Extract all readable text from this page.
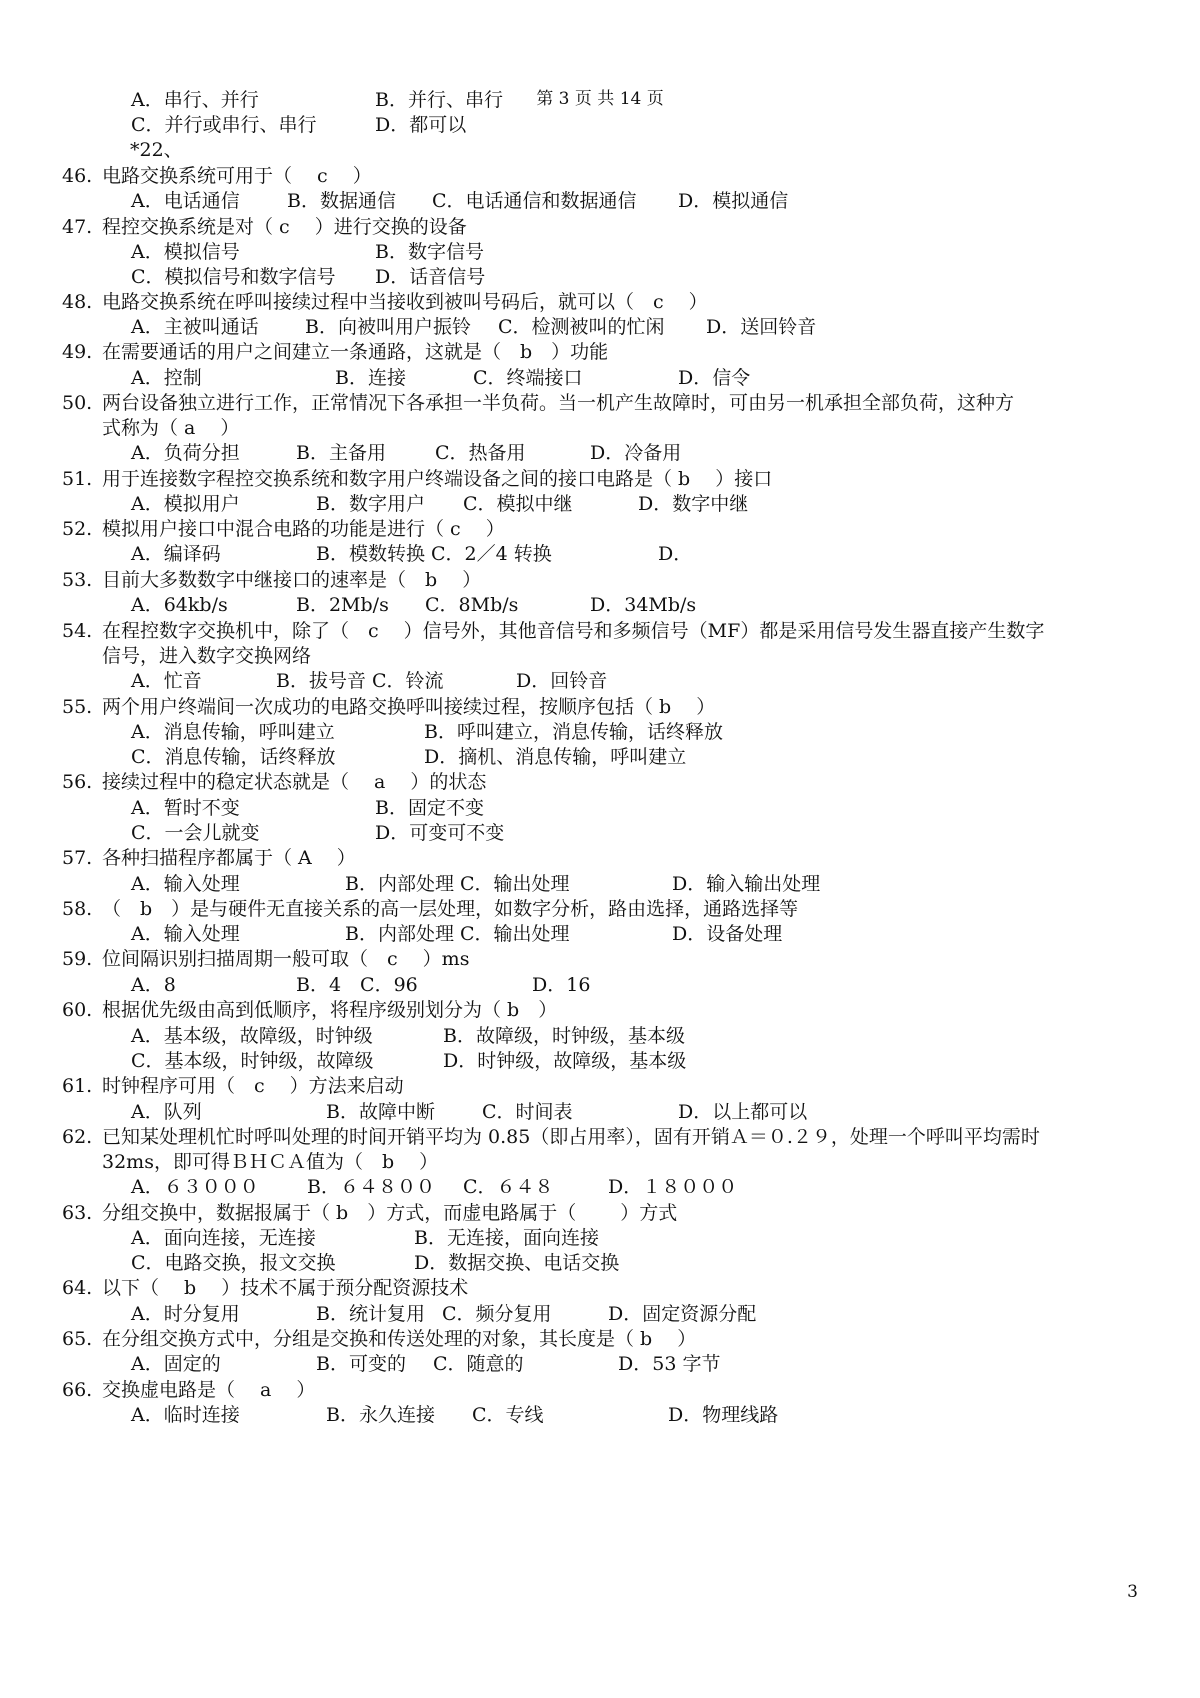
第 3 页 共 14 页
A．串行、并行	B．并行、串行
C．并行或串行、串行	D．都可以
*22、
46. 电路交换系统可用于（　 c　 ）
A．电话通信 B．数据通信 C．电话通信和数据通信 D．模拟通信
47. 程控交换系统是对（ c　 ）进行交换的设备
A．模拟信号	B．数字信号
C．模拟信号和数字信号 D．话音信号
48. 电路交换系统在呼叫接续过程中当接收到被叫号码后，就可以（　c　 ）
A．主被叫通话 B．向被叫用户振铃 C．检测被叫的忙闲 D．送回铃音
49. 在需要通话的用户之间建立一条通路，这就是（　b　）功能
A．控制	B．连接	C．终端接口	D．信令
50. 两台设备独立进行工作，正常情况下各承担一半负荷。当一机产生故障时，可由另一机承担全部负荷，这种方
式称为（ a　 ）
A．负荷分担	B．主备用	C．热备用	D．冷备用
51. 用于连接数字程控交换系统和数字用户终端设备之间的接口电路是（ b　 ）接口
A．模拟用户	B．数字用户 C．模拟中继	D．数字中继
52. 模拟用户接口中混合电路的功能是进行（ c　 ）
A．编译码	B．模数转换 C．2／4 转换	D．
53. 目前大多数数字中继接口的速率是（　b　 ）
A．64kb/s	B．2Mb/s C．8Mb/s	D．34Mb/s
54. 在程控数字交换机中，除了（　c　 ）信号外，其他音信号和多频信号（MF）都是采用信号发生器直接产生数字
信号，进入数字交换网络
A．忙音	B．拔号音 C．铃流	D．回铃音
55. 两个用户终端间一次成功的电路交换呼叫接续过程，按顺序包括（ b　 ）
A．消息传输，呼叫建立	B．呼叫建立，消息传输，话终释放
C．消息传输，话终释放	D．摘机、消息传输，呼叫建立
56. 接续过程中的稳定状态就是（　 a　 ）的状态
A．暂时不变	B．固定不变
C．一会儿就变	D．可变可不变
57. 各种扫描程序都属于（ A　 ）
A．输入处理	B．内部处理 C．输出处理	D．输入输出处理
58. （　b　）是与硬件无直接关系的高一层处理，如数字分析，路由选择，通路选择等
A．输入处理	B．内部处理 C．输出处理	D．设备处理
59. 位间隔识别扫描周期一般可取（　c　 ）ms
A．8	B．4　C．96	D．16
60. 根据优先级由高到低顺序，将程序级别划分为（ b　）
A．基本级，故障级，时钟级	B．故障级，时钟级，基本级
C．基本级，时钟级，故障级	D．时钟级，故障级，基本级
61. 时钟程序可用（　c　 ）方法来启动
A．队列	B．故障中断 C．时间表	D．以上都可以
62. 已知某处理机忙时呼叫处理的时间开销平均为 0.85（即占用率），固有开销Ａ＝０.２９，处理一个呼叫平均需时
32ms，即可得ＢＨＣＡ值为（　b　 ）
A．６３０００	B．６４８００ C．６４８	D．１８０００
63. 分组交换中，数据报属于（ b　）方式，而虚电路属于（　　 ）方式
A．面向连接，无连接	B．无连接，面向连接
C．电路交换，报文交换	D．数据交换、电话交换
64. 以下（　 b　 ）技术不属于预分配资源技术
A．时分复用	B．统计复用 C．频分复用	D．固定资源分配
65. 在分组交换方式中，分组是交换和传送处理的对象，其长度是（ b　 ）
A．固定的	B．可变的 C．随意的	D．53 字节
66. 交换虚电路是（　 a　 ）
A．临时连接	B．永久连接 C．专线	D．物理线路
3
